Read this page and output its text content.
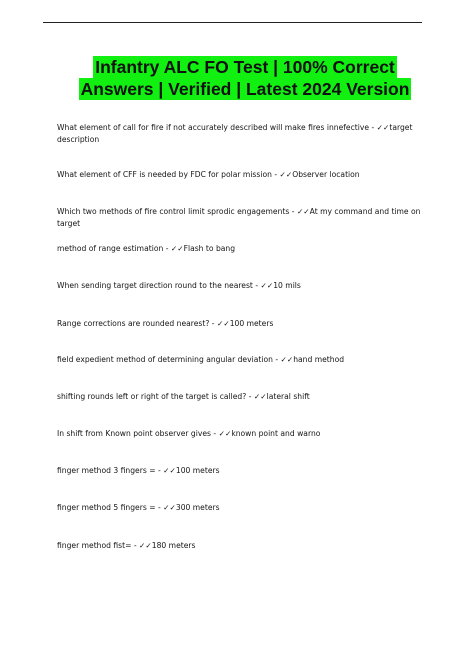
Infantry ALC FO Test | 100% Correct
Answers | Verified | Latest 2024 Version
What element of call for fire if not accurately described will make fires innefective - ✓✓target description
What element of CFF is needed by FDC for polar mission - ✓✓Observer location
Which two methods of fire control limit sprodic engagements - ✓✓At my command and time on target
method of range estimation - ✓✓Flash to bang
When sending target direction round to the nearest - ✓✓10 mils
Range corrections are rounded nearest? - ✓✓100 meters
field expedient method of determining angular deviation - ✓✓hand method
shifting rounds left or right of the target is called? - ✓✓lateral shift
In shift from Known point observer gives - ✓✓known point and warno
finger method 3 fingers = - ✓✓100 meters
finger method 5 fingers = - ✓✓300 meters
finger method fist= - ✓✓180 meters
